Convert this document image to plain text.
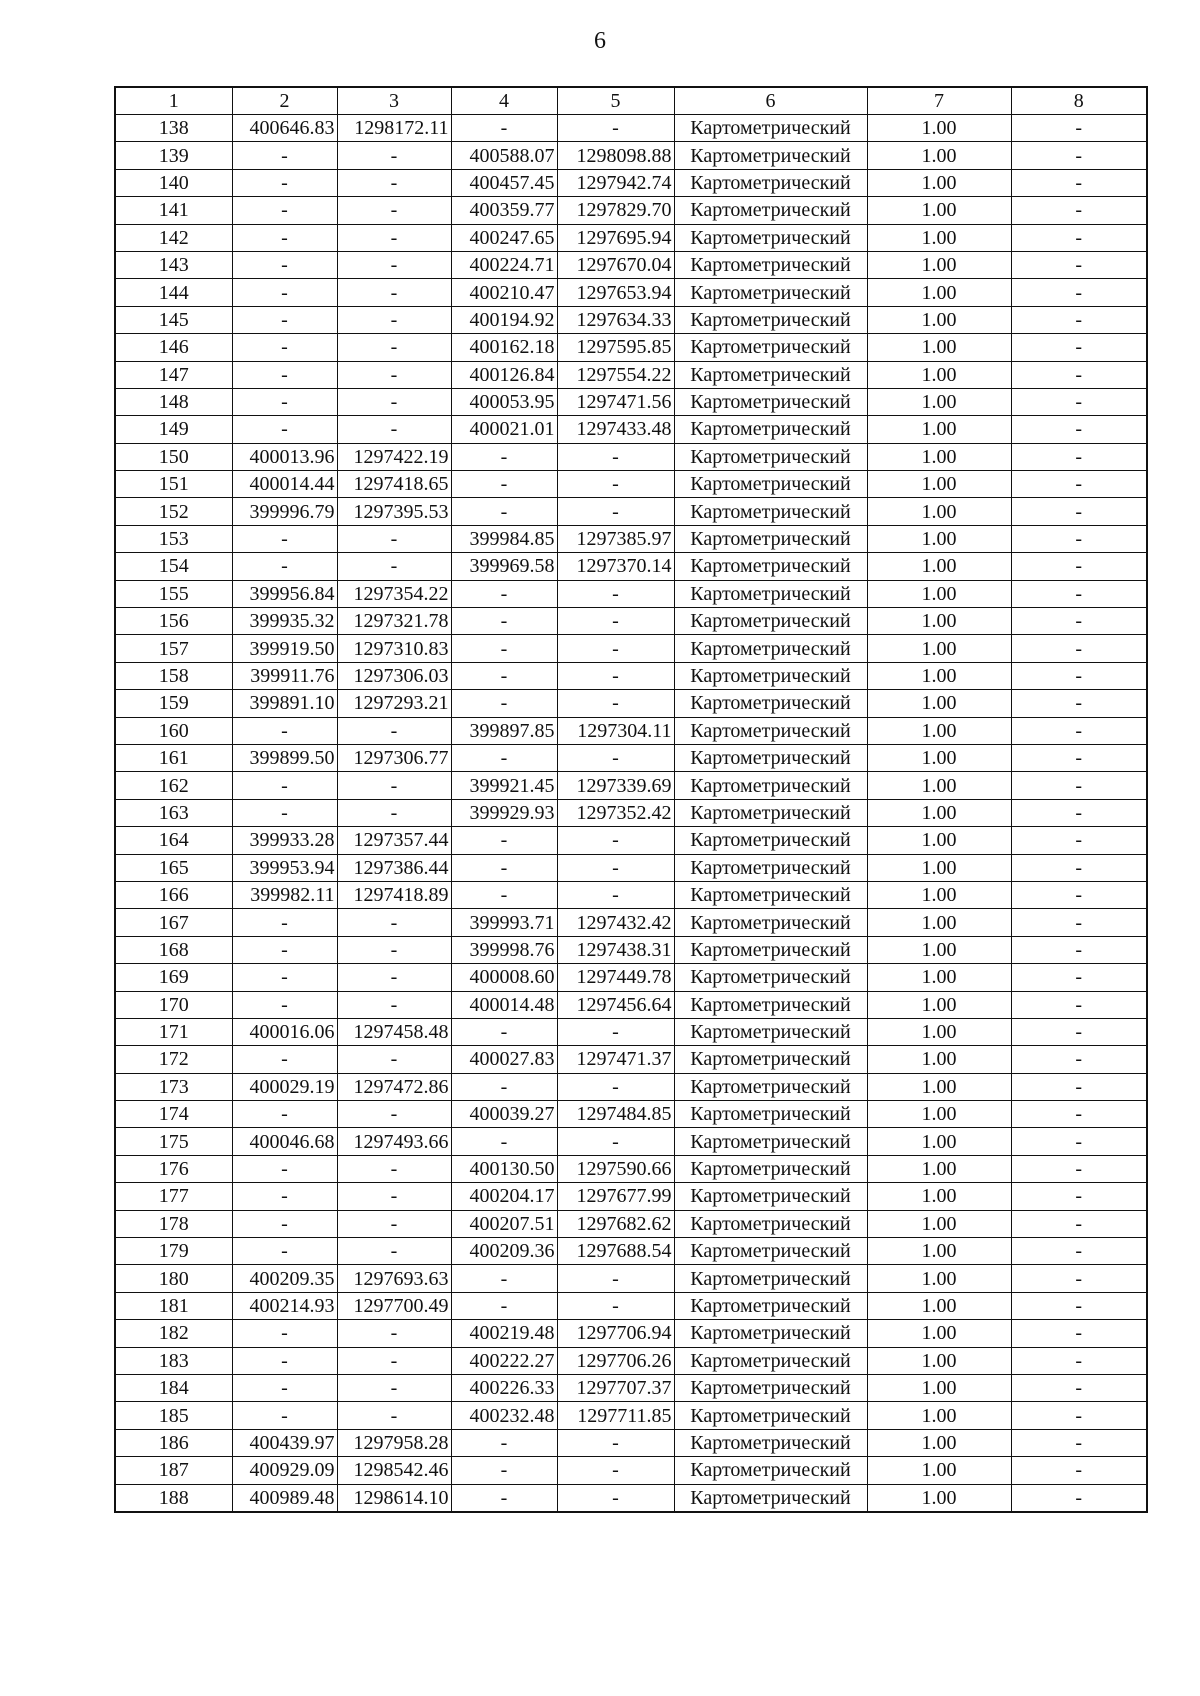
6
1	2	3	4	5	6	7	8
138	400646.83	1298172.11	-	-	Картометрический	1.00	-
139	-	-	400588.07	1298098.88	Картометрический	1.00	-
140	-	-	400457.45	1297942.74	Картометрический	1.00	-
141	-	-	400359.77	1297829.70	Картометрический	1.00	-
142	-	-	400247.65	1297695.94	Картометрический	1.00	-
143	-	-	400224.71	1297670.04	Картометрический	1.00	-
144	-	-	400210.47	1297653.94	Картометрический	1.00	-
145	-	-	400194.92	1297634.33	Картометрический	1.00	-
146	-	-	400162.18	1297595.85	Картометрический	1.00	-
147	-	-	400126.84	1297554.22	Картометрический	1.00	-
148	-	-	400053.95	1297471.56	Картометрический	1.00	-
149	-	-	400021.01	1297433.48	Картометрический	1.00	-
150	400013.96	1297422.19	-	-	Картометрический	1.00	-
151	400014.44	1297418.65	-	-	Картометрический	1.00	-
152	399996.79	1297395.53	-	-	Картометрический	1.00	-
153	-	-	399984.85	1297385.97	Картометрический	1.00	-
154	-	-	399969.58	1297370.14	Картометрический	1.00	-
155	399956.84	1297354.22	-	-	Картометрический	1.00	-
156	399935.32	1297321.78	-	-	Картометрический	1.00	-
157	399919.50	1297310.83	-	-	Картометрический	1.00	-
158	399911.76	1297306.03	-	-	Картометрический	1.00	-
159	399891.10	1297293.21	-	-	Картометрический	1.00	-
160	-	-	399897.85	1297304.11	Картометрический	1.00	-
161	399899.50	1297306.77	-	-	Картометрический	1.00	-
162	-	-	399921.45	1297339.69	Картометрический	1.00	-
163	-	-	399929.93	1297352.42	Картометрический	1.00	-
164	399933.28	1297357.44	-	-	Картометрический	1.00	-
165	399953.94	1297386.44	-	-	Картометрический	1.00	-
166	399982.11	1297418.89	-	-	Картометрический	1.00	-
167	-	-	399993.71	1297432.42	Картометрический	1.00	-
168	-	-	399998.76	1297438.31	Картометрический	1.00	-
169	-	-	400008.60	1297449.78	Картометрический	1.00	-
170	-	-	400014.48	1297456.64	Картометрический	1.00	-
171	400016.06	1297458.48	-	-	Картометрический	1.00	-
172	-	-	400027.83	1297471.37	Картометрический	1.00	-
173	400029.19	1297472.86	-	-	Картометрический	1.00	-
174	-	-	400039.27	1297484.85	Картометрический	1.00	-
175	400046.68	1297493.66	-	-	Картометрический	1.00	-
176	-	-	400130.50	1297590.66	Картометрический	1.00	-
177	-	-	400204.17	1297677.99	Картометрический	1.00	-
178	-	-	400207.51	1297682.62	Картометрический	1.00	-
179	-	-	400209.36	1297688.54	Картометрический	1.00	-
180	400209.35	1297693.63	-	-	Картометрический	1.00	-
181	400214.93	1297700.49	-	-	Картометрический	1.00	-
182	-	-	400219.48	1297706.94	Картометрический	1.00	-
183	-	-	400222.27	1297706.26	Картометрический	1.00	-
184	-	-	400226.33	1297707.37	Картометрический	1.00	-
185	-	-	400232.48	1297711.85	Картометрический	1.00	-
186	400439.97	1297958.28	-	-	Картометрический	1.00	-
187	400929.09	1298542.46	-	-	Картометрический	1.00	-
188	400989.48	1298614.10	-	-	Картометрический	1.00	-
